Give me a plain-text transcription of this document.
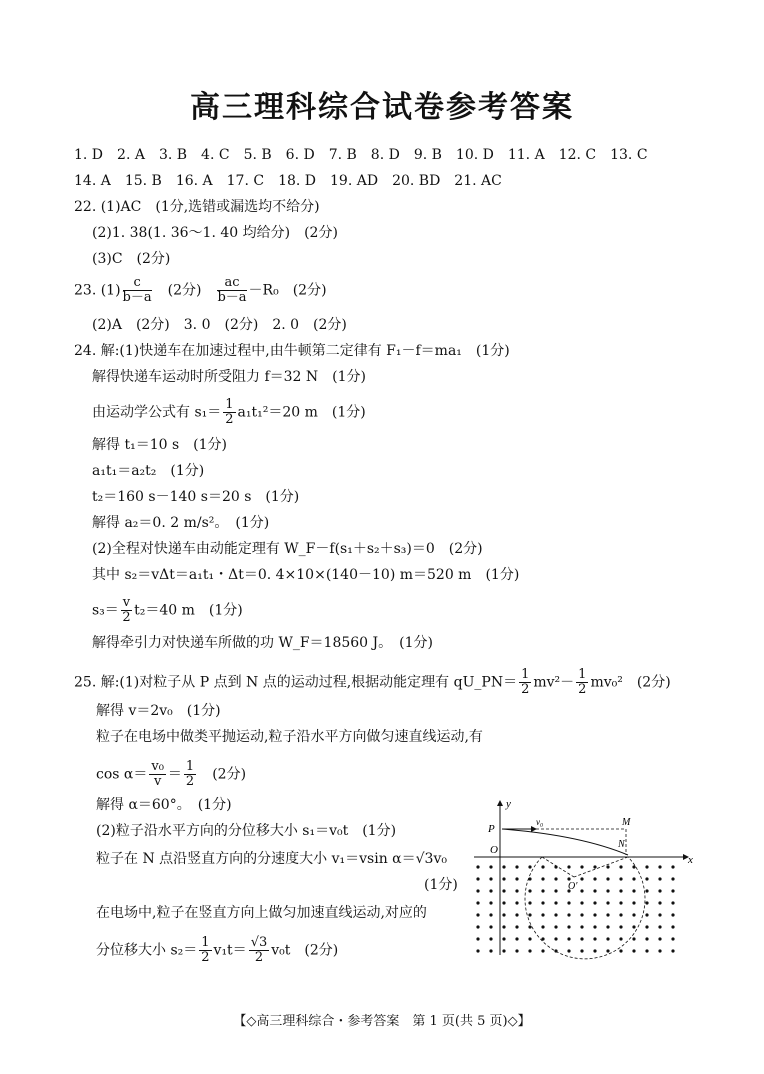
高三理科综合试卷参考答案
1. D　2. A　3. B　4. C　5. B　6. D　7. B　8. D　9. B　10. D　11. A　12. C　13. C
14. A　15. B　16. A　17. C　18. D　19. AD　20. BD　21. AC
22. (1)AC　(1分,选错或漏选均不给分)
(2)1. 38(1. 36～1. 40 均给分)　(2分)
(3)C　(2分)
23. $(1) \frac{c}{b-a}$ 　(2分)　 $\frac{ac}{b-a} -R_0$　(2分)
(2)A　(2分)　3. 0　(2分)　2. 0　(2分)
24. 解:(1)快递车在加速过程中,由牛顿第二定律有 F₁－f＝ma₁　(1分)
解得快递车运动时所受阻力 f＝32 N　(1分)
由运动学公式有 $s_1= \frac{1}{2} a_1t_1^2=20$ m　(1分)
解得 t₁＝10 s　(1分)
a₁t₁＝a₂t₂　(1分)
t₂＝160 s－140 s＝20 s　(1分)
解得 a₂＝0. 2 m/s²。　(1分)
(2)全程对快递车由动能定理有 W_F－f(s₁＋s₂＋s₃)＝0　(2分)
其中 s₂＝vΔt＝a₁t₁・Δt＝0. 4×10×(140－10) m＝520 m　(1分)
$s_3= \frac{v}{2} t_2=40$ m　(1分)
解得牵引力对快递车所做的功 W_F＝18560 J。　(1分)
25. 解:(1)对粒子从 P 点到 N 点的运动过程,根据动能定理有 qU_PN＝ $\frac{1}{2} mv^2- \frac{1}{2} mv_0^2$　(2分)
解得 v＝2v₀　(1分)
粒子在电场中做类平抛运动,粒子沿水平方向做匀速直线运动,有
$\cos \alpha= \frac{\text{v₀}}{v} = \frac{1}{2}$ 　(2分)
解得 α＝60°。　(1分)
(2)粒子沿水平方向的分位移大小 s₁＝v₀t　(1分)
粒子在 N 点沿竖直方向的分速度大小 v₁＝vsin α＝√3v₀
(1分)
在电场中,粒子在竖直方向上做匀加速直线运动,对应的
分位移大小 $s_2= \frac{1}{2} v_1t= \frac{√3}{2} v_0t$　(2分)
y
x
O
P
v₀	M
N
O′
【◇高三理科综合・参考答案　第 1 页(共 5 页)◇】
